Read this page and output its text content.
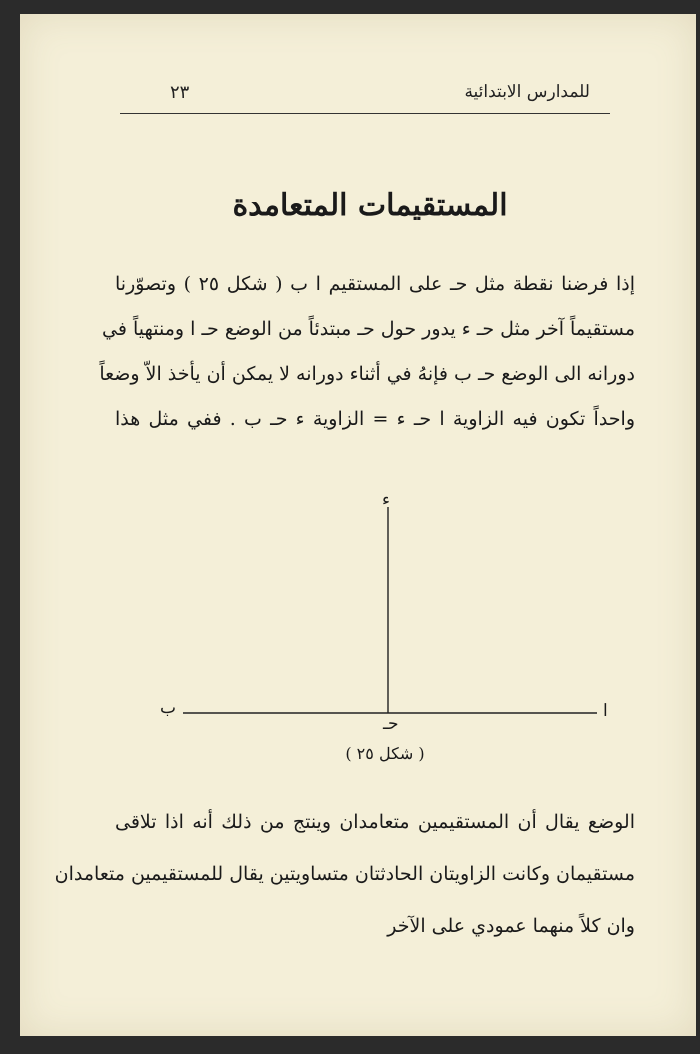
للمدارس الابتدائية
٢٣
المستقيمات المتعامدة
إذا فرضنا نقطة مثل حـ على المستقيم ا ب ( شكل ٢٥ ) وتصوّرنا
مستقيماً آخر مثل حـ ء يدور حول حـ مبتدئاً من الوضع حـ ا ومنتهياً في
دورانه الى الوضع حـ ب فإنهُ في أثناء دورانه لا يمكن أن يأخذ الاّ وضعاً
واحداً تكون فيه الزاوية ا حـ ء = الزاوية ء حـ ب . ففي مثل هذا
ا
ب
حـ
ء
( شكل ٢٥ )
الوضع يقال أن المستقيمين متعامدان وينتج من ذلك أنه اذا تلاقى
مستقيمان وكانت الزاويتان الحادثتان متساويتين يقال للمستقيمين متعامدان
وان كلاً منهما عمودي على الآخر
